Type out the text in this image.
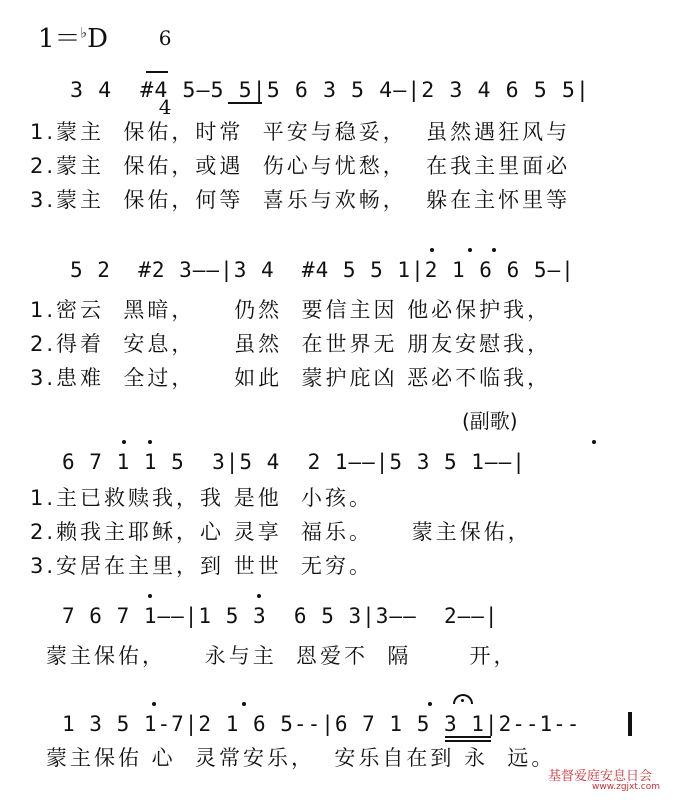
1＝♭D	6

4

3 4  #4 5—5 5|5 6 3 5 4—|2 3 4 6 5 5|
1.蒙主  保佑，时常  平安与稳妥，  虽然遇狂风与
2.蒙主  保佑，或遇  伤心与忧愁，  在我主里面必
3.蒙主  保佑，何等  喜乐与欢畅，  躲在主怀里等
5 2  #2 3——|3 4  #4 5 5 1|2 1 6 6 5—|
1.密云  黑暗，    仍然  要信主因 他必保护我，
2.得着  安息，    虽然  在世界无 朋友安慰我，
3.患难  全过，    如此  蒙护庇凶 恶必不临我，
(副歌)
6 7 1 1 5  3|5 4  2 1——|5 3 5 1——|
1.主已救赎我，我 是他  小孩。
2.赖我主耶稣，心 灵享  福乐。    蒙主保佑，
3.安居在主里，到 世世  无穷。
7 6 7 1——|1 5 3  6 5 3|3——  2——|
蒙主保佑，    永与主  恩爱不  隔      开，
1 3 5 1-7|2 1 6 5--|6 7 1 5 3 1|2--1--
蒙主保佑 心  灵常安乐，  安乐自在到 永  远。
基督爱庭安息日会
www.zgjxt.com
